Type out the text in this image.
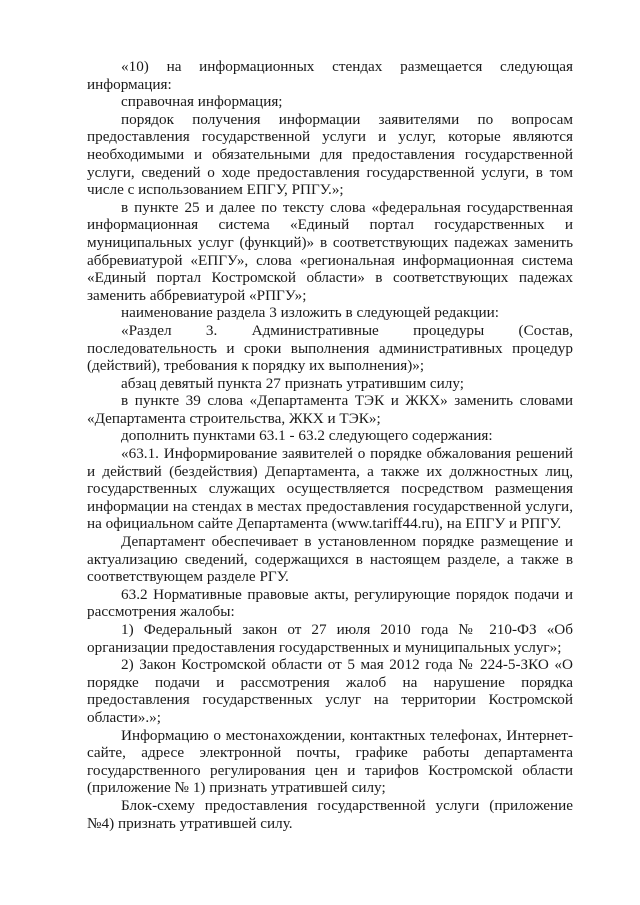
«10) на информационных стендах размещается следующая информация:

справочная информация;

порядок получения информации заявителями по вопросам предоставления государственной услуги и услуг, которые являются необходимыми и обязательными для предоставления государственной услуги, сведений о ходе предоставления государственной услуги, в том числе с использованием ЕПГУ, РПГУ.»;

в пункте 25 и далее по тексту слова «федеральная государственная информационная система «Единый портал государственных и муниципальных услуг (функций)» в соответствующих падежах заменить аббревиатурой «ЕПГУ», слова «региональная информационная система «Единый портал Костромской области» в соответствующих падежах заменить аббревиатурой «РПГУ»;

наименование раздела 3 изложить в следующей редакции:

«Раздел 3. Административные процедуры (Состав, последовательность и сроки выполнения административных процедур (действий), требования к порядку их выполнения)»;

абзац девятый пункта 27 признать утратившим силу;

в пункте 39 слова «Департамента ТЭК и ЖКХ» заменить словами «Департамента строительства, ЖКХ и ТЭК»;

дополнить пунктами 63.1 - 63.2 следующего содержания:

«63.1. Информирование заявителей о порядке обжалования решений и действий (бездействия) Департамента, а также их должностных лиц, государственных служащих осуществляется посредством размещения информации на стендах в местах предоставления государственной услуги, на официальном сайте Департамента (www.tariff44.ru), на ЕПГУ и РПГУ.

Департамент обеспечивает в установленном порядке размещение и актуализацию сведений, содержащихся в настоящем разделе, а также в соответствующем разделе РГУ.

63.2 Нормативные правовые акты, регулирующие порядок подачи и рассмотрения жалобы:

1) Федеральный закон от 27 июля 2010 года № 210-ФЗ «Об организации предоставления государственных и муниципальных услуг»;

2) Закон Костромской области от 5 мая 2012 года № 224-5-ЗКО «О порядке подачи и рассмотрения жалоб на нарушение порядка предоставления государственных услуг на территории Костромской области».»;

Информацию о местонахождении, контактных телефонах, Интернет-сайте, адресе электронной почты, графике работы департамента государственного регулирования цен и тарифов Костромской области (приложение № 1) признать утратившей силу;

Блок-схему предоставления государственной услуги (приложение №4) признать утратившей силу.
